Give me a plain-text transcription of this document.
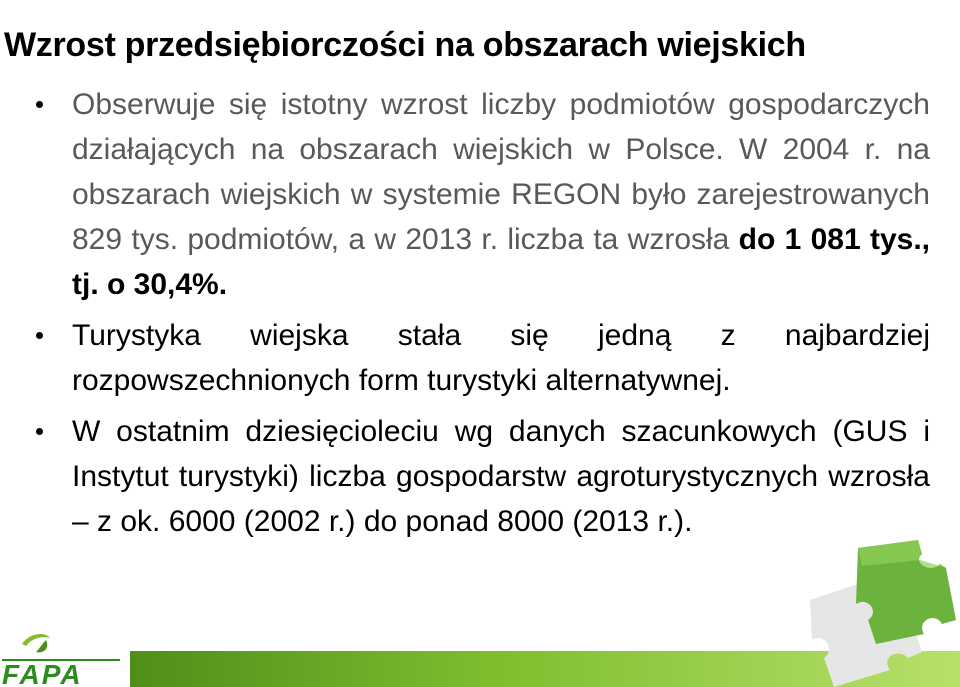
Wzrost przedsiębiorczości na obszarach wiejskich
Obserwuje się istotny wzrost liczby podmiotów gospodarczych działających na obszarach wiejskich w Polsce. W 2004 r. na obszarach wiejskich w systemie REGON było zarejestrowanych 829 tys. podmiotów, a w 2013 r. liczba ta wzrosła do 1 081 tys., tj. o 30,4%.
Turystyka wiejska stała się jedną z najbardziej rozpowszechnionych form turystyki alternatywnej.
W ostatnim dziesięcioleciu wg danych szacunkowych (GUS i Instytut turystyki) liczba gospodarstw agroturystycznych wzrosła – z ok. 6000 (2002 r.) do ponad 8000 (2013 r.).
FAPA
